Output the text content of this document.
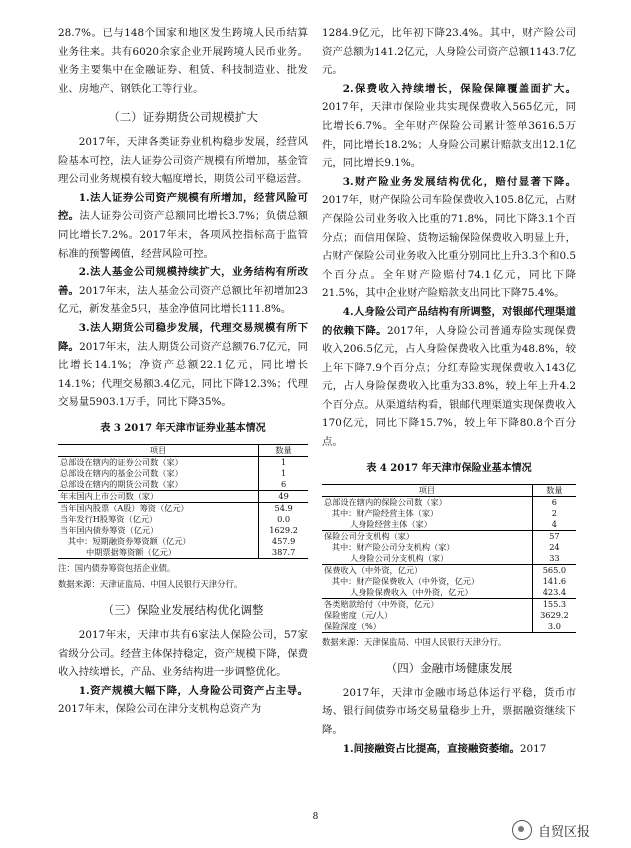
28.7%。已与148个国家和地区发生跨境人民币结算业务往来。共有6020余家企业开展跨境人民币业务。业务主要集中在金融证券、租赁、科技制造业、批发业、房地产、钢铁化工等行业。

（二）证券期货公司规模扩大

2017年，天津各类证券业机构稳步发展，经营风险基本可控，法人证券公司资产规模有所增加，基金管理公司业务规模有较大幅度增长，期货公司平稳运营。

1.法人证券公司资产规模有所增加，经营风险可控。法人证券公司资产总额同比增长3.7%；负债总额同比增长7.2%。2017年末，各项风控指标高于监管标准的预警阈值，经营风险可控。

2.法人基金公司规模持续扩大，业务结构有所改善。2017年末，法人基金公司资产总额比年初增加23亿元，新发基金5只，基金净值同比增长111.8%。

3.法人期货公司稳步发展，代理交易规模有所下降。2017年末，法人期货公司资产总额76.7亿元，同比增长14.1%；净资产总额22.1亿元，同比增长14.1%；代理交易额3.4亿元，同比下降12.3%；代理交易量5903.1万手，同比下降35%。

表 3 2017 年天津市证券业基本情况
项目	数量
总部设在辖内的证券公司数（家）	1
总部设在辖内的基金公司数（家）	1
总部设在辖内的期货公司数（家）	6
年末国内上市公司数（家）	49
当年国内股票（A股）筹资（亿元）	54.9
当年发行H股筹资（亿元）	0.0
当年国内债券筹资（亿元）	1629.2
其中：短期融资券筹资额（亿元）	457.9
中期票据筹资额（亿元）	387.7
注：国内债券筹资包括企业债。
数据来源：天津证监局、中国人民银行天津分行。
（三）保险业发展结构优化调整

2017年末，天津市共有6家法人保险公司，57家省级分公司。经营主体保持稳定，资产规模下降，保费收入持续增长，产品、业务结构进一步调整优化。

1.资产规模大幅下降，人身险公司资产占主导。2017年末，保险公司在津分支机构总资产为

1284.9亿元，比年初下降23.4%。其中，财产险公司资产总额为141.2亿元，人身险公司资产总额1143.7亿元。

2.保费收入持续增长，保险保障覆盖面扩大。2017年，天津市保险业共实现保费收入565亿元，同比增长6.7%。全年财产保险公司累计签单3616.5万件，同比增长18.2%；人身险公司累计赔款支出12.1亿元，同比增长9.1%。

3.财产险业务发展结构优化，赔付显著下降。2017年，财产保险公司车险保费收入105.8亿元，占财产保险公司业务收入比重的71.8%，同比下降3.1个百分点；而信用保险、货物运输保险保费收入明显上升，占财产保险公司业务收入比重分别同比上升3.3个和0.5个百分点。全年财产险赔付74.1亿元，同比下降21.5%，其中企业财产险赔款支出同比下降75.4%。

4.人身险公司产品结构有所调整，对银邮代理渠道的依赖下降。2017年，人身险公司普通寿险实现保费收入206.5亿元，占人身险保费收入比重为48.8%，较上年下降7.9个百分点；分红寿险实现保费收入143亿元，占人身险保费收入比重为33.8%，较上年上升4.2个百分点。从渠道结构看，银邮代理渠道实现保费收入170亿元，同比下降15.7%，较上年下降80.8个百分点。

表 4 2017 年天津市保险业基本情况
项目	数量
总部设在辖内的保险公司数（家）	6
其中：财产险经营主体（家）	2
人身险经营主体（家）	4
保险公司分支机构（家）	57
其中：财产险公司分支机构（家）	24
人身险公司分支机构（家）	33
保费收入（中外资，亿元）	565.0
其中：财产险保费收入（中外资，亿元）	141.6
人身险保费收入（中外资，亿元）	423.4
各类赔款给付（中外资，亿元）	155.3
保险密度（元/人）	3629.2
保险深度（%）	3.0
数据来源：天津保监局、中国人民银行天津分行。
（四）金融市场健康发展

2017年，天津市金融市场总体运行平稳，货币市场、银行间债券市场交易量稳步上升，票据融资继续下降。

1.间接融资占比提高，直接融资萎缩。2017

8
自贸区报
